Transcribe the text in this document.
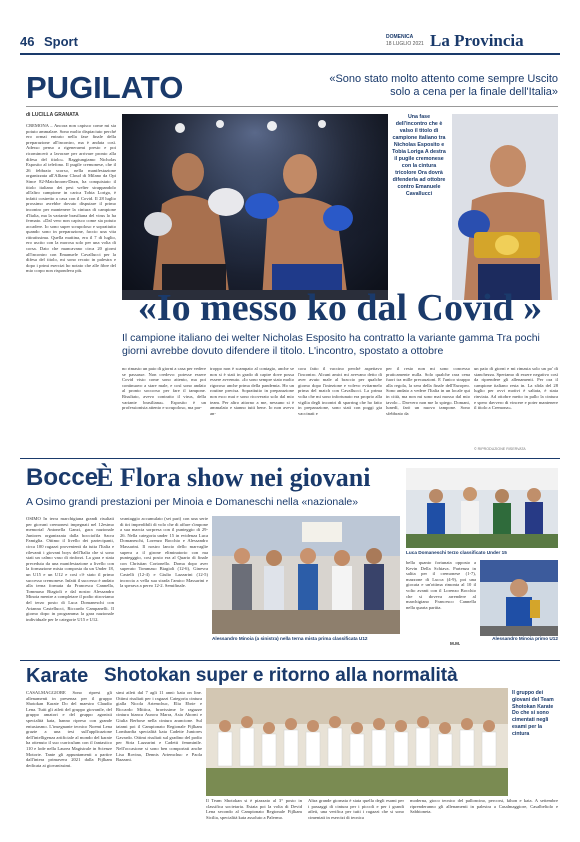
46 Sport	DOMENICA
18 LUGLIO 2021 La Provincia
PUGILATO	«Sono stato molto attento come sempre Uscito solo a cena per la finale dell'Italia»
di LUCILLA GRANATA
CREMONA – Ancora non capisco come mi sia potuto ammalare. Sono molto dispiaciuto perché ero ormai entrato nella fase finale della preparazione all'incontro, ma è andata così. Adesso penso a rigenerarmi presto e poi ricomincerò a lavorare per arrivare pronto alla difesa del titolo». Raggiungiamo Nicholas Esposito al telefono. Il pugile cremonese, che il 26 febbraio scorso, nella manifestazione organizzata all'Allianz Cloud di Milano da Opi Since 82-Matchroom-Dazn, ha conquistato il titolo italiano dei pesi welter strappandolo all'altro campione in carica Tobia Loriga, è infatti costretto a casa con il Covid. Il 28 luglio prossimo avrebbe dovuto disputare il primo incontro per mantenere la cintura di campione d'Italia, ma la variante brasiliana del virus lo ha fermato. «Dal vero non capisco come sia potuto accadere. Io sono super scrupoloso e soprattutto quando sono in preparazione, faccio una vita ritiratissima. Quella mattina, era il 7 di luglio, ero uscito con la morosa solo per una volta di corsa. Dato che mancavano circa 20 giorni all'incontro con Emanuele Cavallucci per la difesa del titolo, mi sono recato in palestra e dopo i primi esercizi ho notato che alle fibre del mio corpo non rispondeva più.
Una fase dell'incontro che è valso il titolo di campione italiano tra Nicholas Esposito e Tobia Loriga A destra il pugile cremonese con la cintura tricolore Ora dovrà difenderla ad ottobre contro Emanuele Cavallucci
«Io messo ko dal Covid »
Il campione italiano dei welter Nicholas Esposito ha contratto la variante gamma Tra pochi giorni avrebbe dovuto difendere il titolo. L'incontro, spostato a ottobre
no rimasto un paio di giorni a casa per vedere se passasse. Non credevo: potesse essere Covid visto come sono attento, ma poi continuavo a stare male, e così sono andato al pronto soccorso per fare il tampone. Risultato, avevo contratto il virus, della variante brasiliana». Esposito è un professionista attento e scrupoloso, ma par-
troppo non è scampato al contagio, anche se non si è stati in grado di capire dove possa essere avvenuto. «Io sono sempre stato molto rigoroso anche prima della pandemia. Ho un routine precisa. Soprattutto in preparazione non esco mai e sono ricoverato solo dal mio team. Per altro attorno a me, nessuno si è ammalato e stanno tutti bene. Io non avevo an-
cora fatto il vaccino perché aspettavo l'incontro. Alcuni amici mi avevano detto di aver avuto male al braccio per qualche giorno dopo l'iniezione e volevo evitarmelo prima del match con Cavallucci. La prima volta che mi sono infortunato era proprio alla vigilia degli incontri di sparring che ho fatto in preparazione, sono stati con poggi gia vaccinati e
per il resto non mi sono concesso praticamente nulla. Solo qualche rara cena fuori tra mille precauzioni. E l'unico strappo alla regola, la sera della finale dell'Europeo. Sono andato a vedere l'Italia in un locale qui in città, ma non mi sono mai mosso dal mio tavolo... Davvero non me lo spiego. Domani, lunedì, farò un nuovo tampone. Sono sfebbrato da
un paio di giorni e mi rimasta solo un po' di stanchezza. Speriamo di essere negativo così da riprendere gli allenamenti. Per ora il campione italiano resta in. La sfida del 28 luglio per ovvi motivi è saltata, è stata rinviata. Ad ottobre metto in pallo la cintura e spero davvero di vincere e poter mantenere il titolo a Cremona».
© RIPRODUZIONE RISERVATA
Bocce
È Flora show nei giovani
A Osimo grandi prestazioni per Minoia e Domaneschi nella «nazionale»
OSIMO In terra marchigiana grandi risultati per giovani cremonesi impegnati nel 12esimo memorial Antonella Ganzi, gara nazionale Juniores organizzata dalla bocciofila Sacra Famiglia. Ottimo il livello dei partecipanti, circa 100 ragazzi provenienti da tutta l'Italia e rilevanti i giovani boys dell'Italia che si sono stati un calmo vaso di rinforzi. La gara e stata preceduta da una manifestazione a livello con la formazione mista composta da un Under 18, un U15 e un U12 e così c'è stato il primo successo cremonese. Infatti il successo è andato alla terna formata da Francesca Cannella, Tommaso Biagioli e dal nostro Alessandro Minoia mentre a completare il podio ritroviamo del terzo posto di Luca Domaneschi con Arianna Castellucci, Riccardo Campanelli. Il giorno dopo in programma la gara nazionale individuale per le categorie U15 e U12.
svantaggio accumulato (set pari) con una serie di tiri imperdibili di volo che di affare s'impone a sua marcia sorpresa con il punteggio di 29-26. Nella categoria under 15 in evidenza Luca Domaneschi, Lorenzo Bocchio e Alessandro Massarini. Il nostro lancio dello marvaglie supera a il girone eliminatorio con ma puntegggio, cosi posto era al Quarto di finale con Christian Cortonello. Doma dopo aver superato Tommaso Biagioli (12-6), Ginevra Castelli (12-4) e Giulio Lazzarini (12-5) incrocia a vella sua strada l'amico Massarini e la sperava a pereo 12-2. Semifinale.
Alessandro Minoia (a sinistra) nella terna mista prima classificata U12
Luca Domaneschi terzo classificato Under 15
bella quanto fortunata opposto a Kevin Della Schiava. Partenza in salita per il cremonese (1-7), mazzone di Lucca (4-9), poi una giocata e un'ottima rimonta al 10 il volto avanti con il Lorenzo Bocchio che si doveva arrendere al marchigiano Francesco Cannella nella quarta partita.
M.M.
Alessandro Minoia primo U12
Karate Shotokan super e ritorno alla normalità
CASALMAGGIORE Sono ripresi gli allenamenti in presenza per il gruppo Shotokan Karate Do del maestro Claudio Lena. Tutti gli atleti del gruppo giovanile, del gruppo amatori e del gruppo agonisti specialità kata, hanno ripreso con grande entusiasmo. L'insegnante tecnico Noemi Lena grazie a una tesi sull'applicazione dell'intelligenza artificiale al mondo del karate ha ottenuto il suo curriculum con il fantastico 110 e lode nella Laurea Magistrale in Scienze Motorie. Tante gli appuntamenti a partire dall'intera primavera 2021 dalla Fijlkam dedicata ai giovanissimi.
simi atleti dal 7 agli 11 anni: kata on line. Ottimi risultati per i ragazzi Categoria cintura gialla Nicola Artemchuc, Elia Ebrie e Riccardo Mittica, bravissime le ragazze cintura bianca Aurora Marra, Asia Aborni e Giulia Berbose nella cintura arancione. Sul tatami poi il Campionato Regionale Fijlkam Lombardia specialità kata Cadette Juniores Gavardo. Ottimi risultati sul gradino del podio per Siria Lazzarini e Cadetti femminile. Nell'occasione si sono ben comportati anche Lisa Rovina, Dennis Artemchuc e Paola Bazzani.
Il gruppo dei giovani del Team Shotokan Karate Do che si sono cimentati negli esami per la cintura
Il Team Shotokan si è piazzato al 3° posto in classifica societaria. Estata poi la volta di Devid Lena secondo al Campionato Regionale Fijlkam Sicilia, specialità kata assoluto a Palermo.
Altra grande giornata è stata quella degli esami per i passaggi di cintura per i piccoli e per i grandi atleti, una verifica per tutti i ragazzi che si sono cimentati in esercizi di tecnica
moderna, gioco tecnico del palloncino, percorsi, kihon e kata. A settembre riprenderanno gli allenamenti in palestra a Casalmaggiore, Casalbeltolo e Sabbioneta.
